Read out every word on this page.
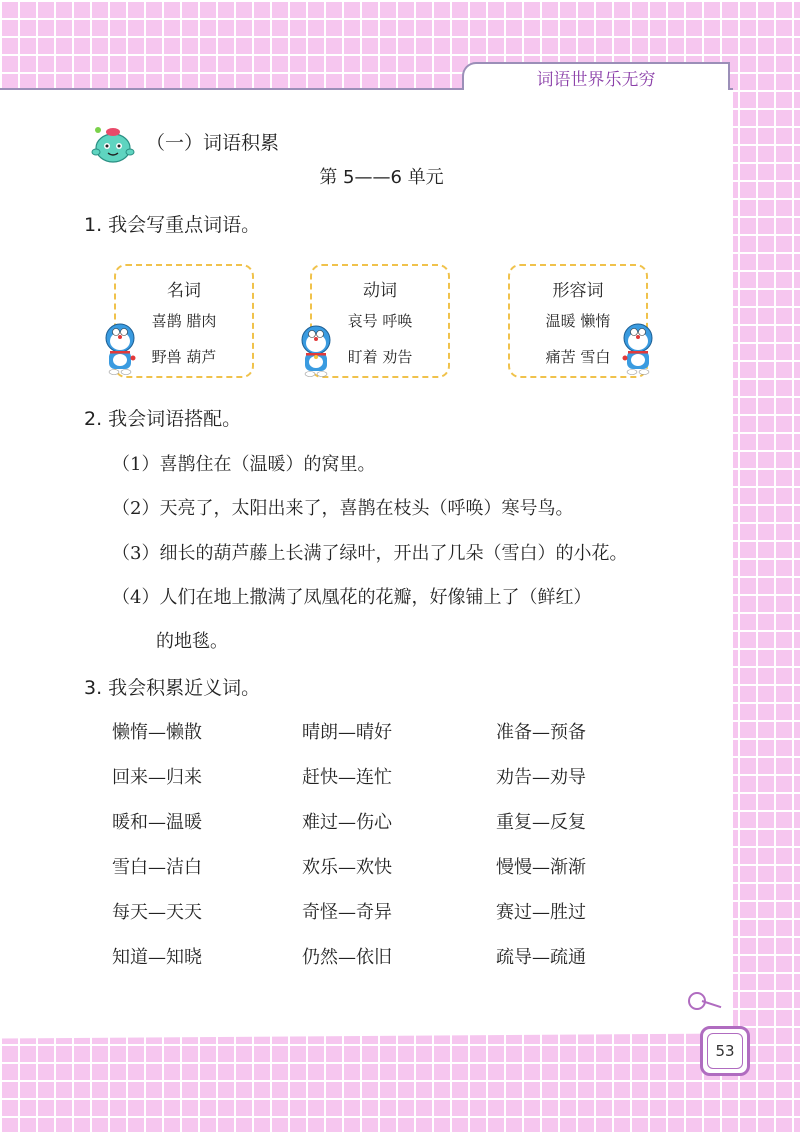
词语世界乐无穷
（一）词语积累
第 5——6 单元
1. 我会写重点词语。
名词
喜鹊 腊肉
野兽 葫芦
动词
哀号 呼唤
盯着 劝告
形容词
温暖 懒惰
痛苦 雪白
2. 我会词语搭配。
（1）喜鹊住在（温暖）的窝里。
（2）天亮了，太阳出来了，喜鹊在枝头（呼唤）寒号鸟。
（3）细长的葫芦藤上长满了绿叶，开出了几朵（雪白）的小花。
（4）人们在地上撒满了凤凰花的花瓣，好像铺上了（鲜红）
的地毯。
3. 我会积累近义词。
懒惰—懒散	晴朗—晴好	准备—预备
回来—归来	赶快—连忙	劝告—劝导
暖和—温暖	难过—伤心	重复—反复
雪白—洁白	欢乐—欢快	慢慢—渐渐
每天—天天	奇怪—奇异	赛过—胜过
知道—知晓	仍然—依旧	疏导—疏通
53
